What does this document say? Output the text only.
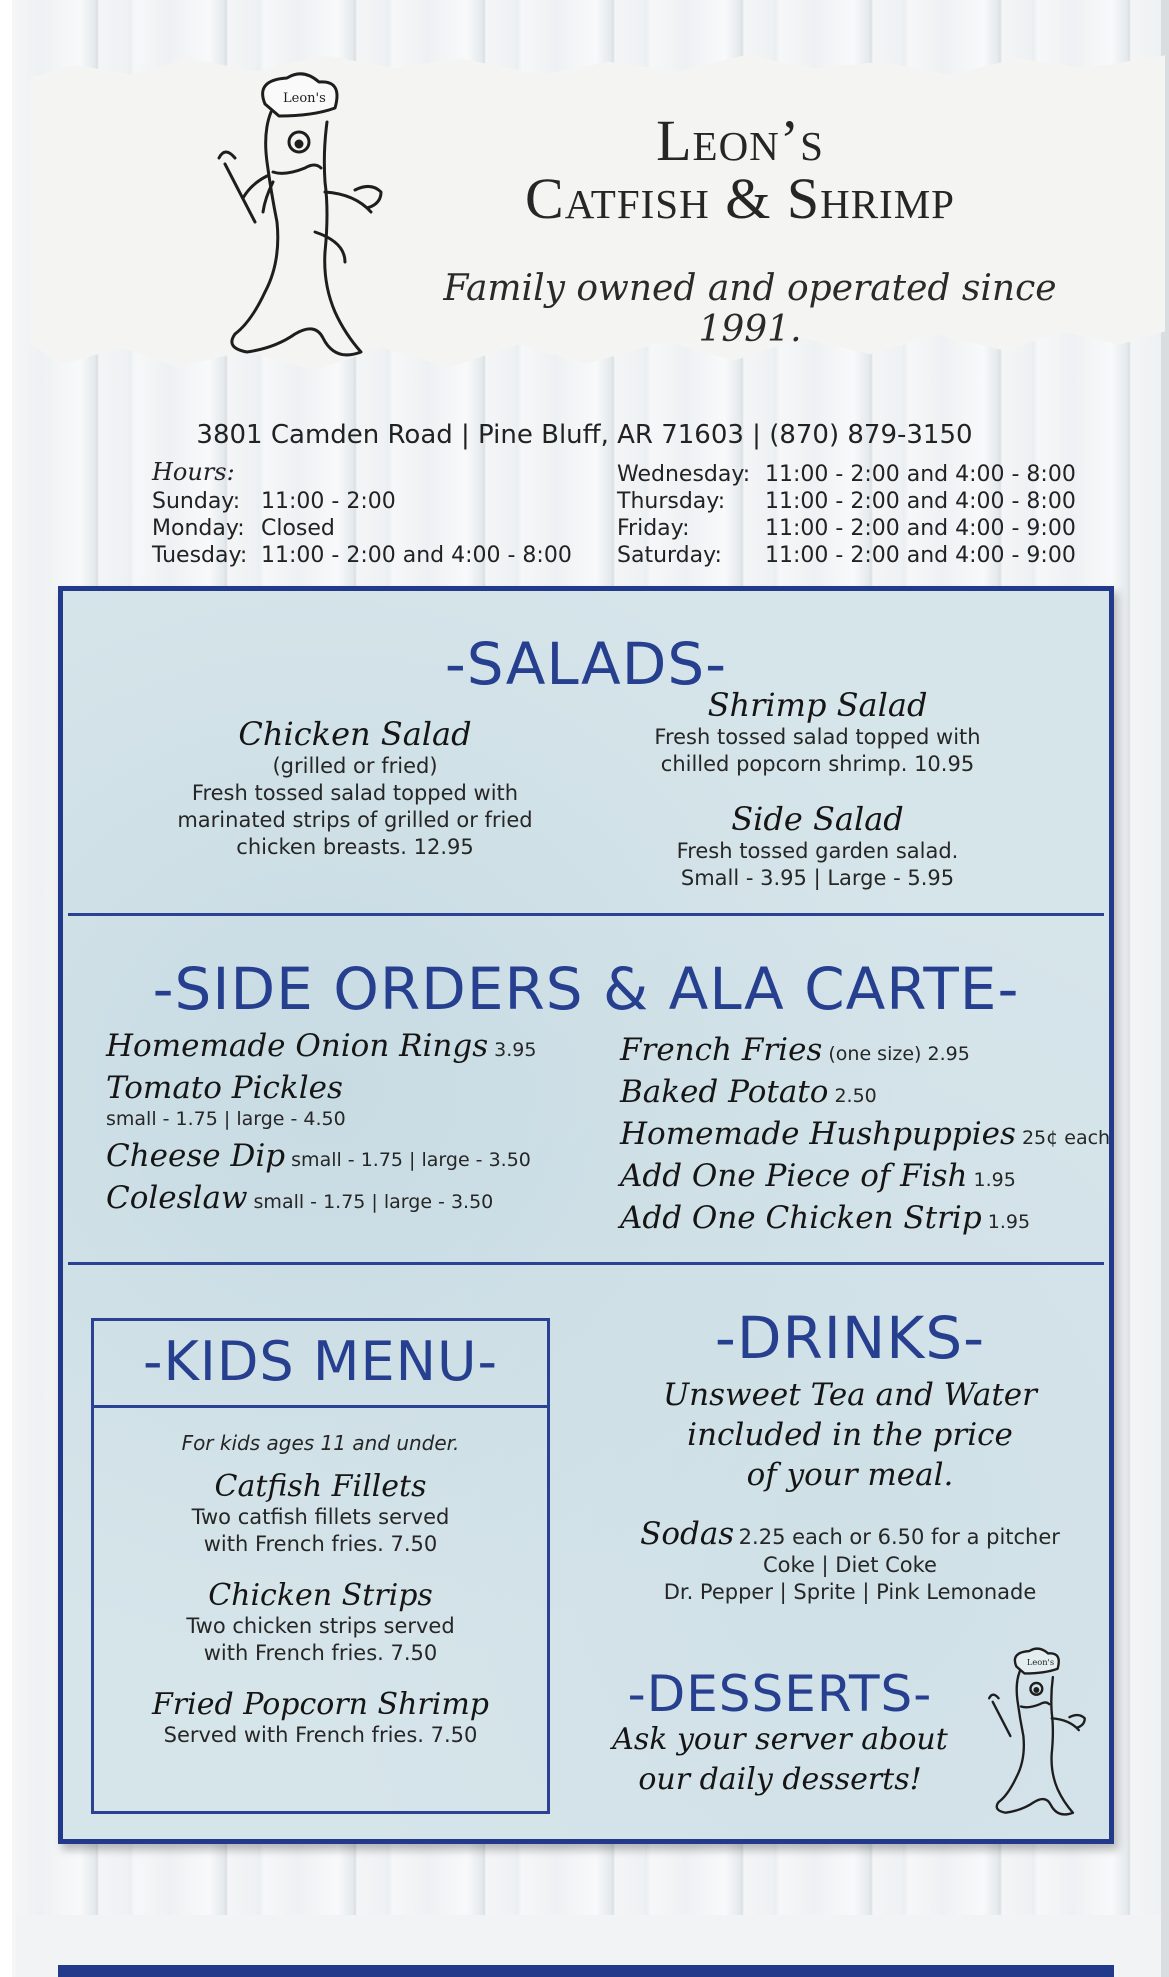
Leon's
Leon’s
Catfish & Shrimp
Family owned and operated since 1991.
3801 Camden Road | Pine Bluff, AR 71603 | (870) 879-3150
Hours:
Sunday: 11:00 - 2:00
Monday: Closed
Tuesday: 11:00 - 2:00 and 4:00 - 8:00
Wednesday: 11:00 - 2:00 and 4:00 - 8:00
Thursday:	11:00 - 2:00 and 4:00 - 8:00
Friday:	11:00 - 2:00 and 4:00 - 9:00
Saturday:	11:00 - 2:00 and 4:00 - 9:00
-SALADS-
Chicken Salad
(grilled or fried)
Fresh tossed salad topped with
marinated strips of grilled or fried
chicken breasts. 12.95
Shrimp Salad
Fresh tossed salad topped with
chilled popcorn shrimp. 10.95
Side Salad
Fresh tossed garden salad.
Small - 3.95 | Large - 5.95
-SIDE ORDERS & ALA CARTE-
Homemade Onion Rings 3.95
Tomato Pickles
small - 1.75 | large - 4.50
Cheese Dip small - 1.75 | large - 3.50
Coleslaw small - 1.75 | large - 3.50
French Fries (one size) 2.95
Baked Potato 2.50
Homemade Hushpuppies 25¢ each
Add One Piece of Fish 1.95
Add One Chicken Strip 1.95
-KIDS MENU-
For kids ages 11 and under.
Catfish Fillets
Two catfish fillets served
with French fries. 7.50
Chicken Strips
Two chicken strips served
with French fries. 7.50
Fried Popcorn Shrimp
Served with French fries. 7.50
-DRINKS-
Unsweet Tea and Water
included in the price
of your meal.
Sodas 2.25 each or 6.50 for a pitcher
Coke | Diet Coke
Dr. Pepper | Sprite | Pink Lemonade
-DESSERTS-
Ask your server about
our daily desserts!
Leon's
